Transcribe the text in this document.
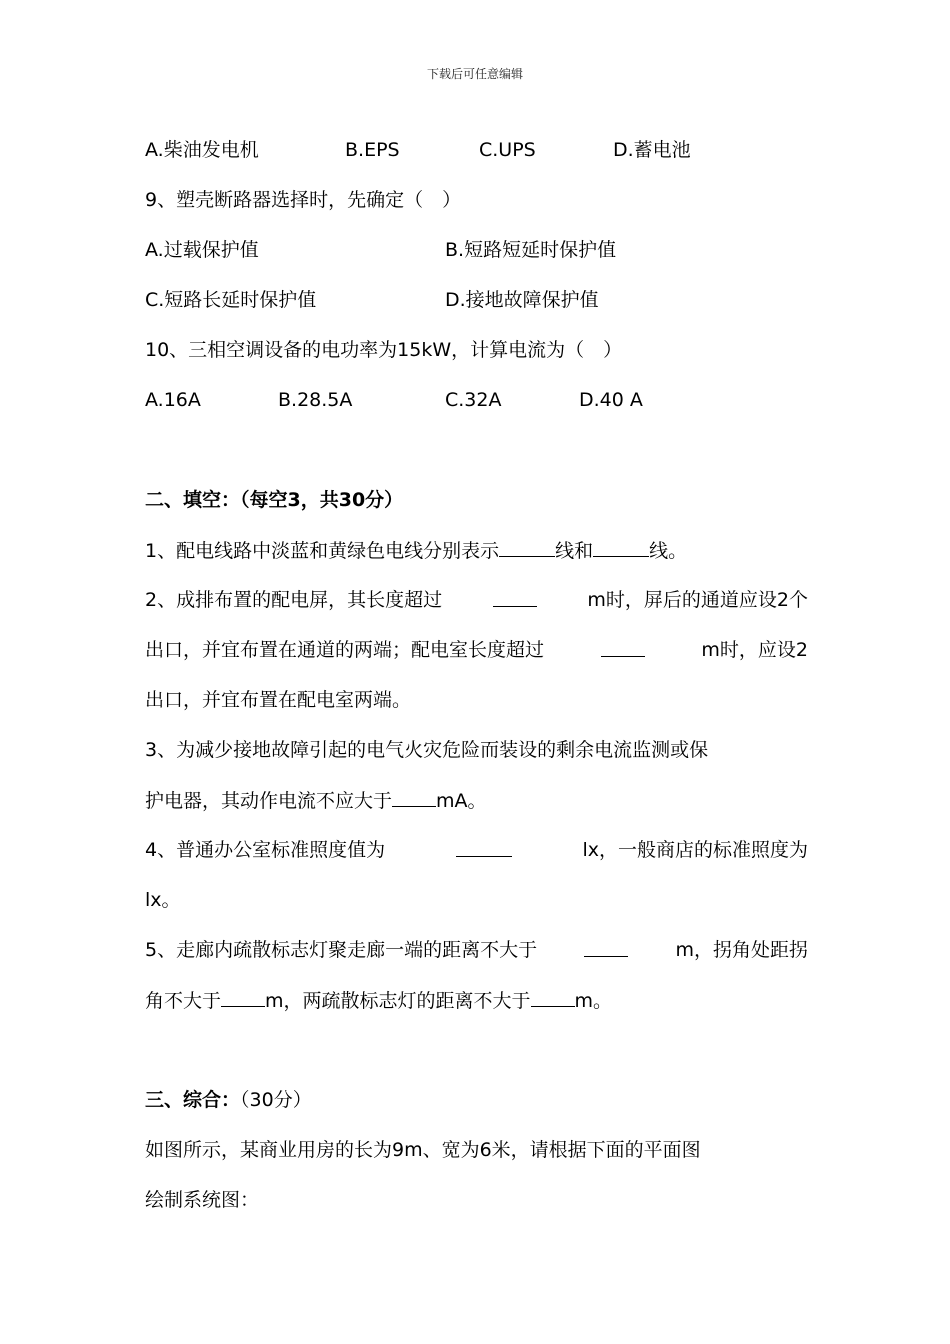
下载后可任意编辑
A.柴油发电机	B.EPS	C.UPS	D.蓄电池
9、塑壳断路器选择时，先确定（　）
A.过载保护值	B.短路短延时保护值
C.短路长延时保护值	D.接地故障保护值
10、三相空调设备的电功率为15kW，计算电流为（　）
A.16A	B.28.5A	C.32A	D.40 A
二、填空：（每空3，共30分）
1、配电线路中淡蓝和黄绿色电线分别表示	线和	线。
2、成排布置的配电屏，其长度超过	m时，屏后的通道应设2个
出口，并宜布置在通道的两端；配电室长度超过	m时，应设2
出口，并宜布置在配电室两端。
3、为减少接地故障引起的电气火灾危险而装设的剩余电流监测或保
护电器，其动作电流不应大于 mA。
4、普通办公室标准照度值为	lx，一般商店的标准照度为
lx。
5、走廊内疏散标志灯聚走廊一端的距离不大于	m，拐角处距拐
角不大于 m，两疏散标志灯的距离不大于 m。
三、综合：（30分）
如图所示，某商业用房的长为9m、宽为6米，请根据下面的平面图
绘制系统图：
